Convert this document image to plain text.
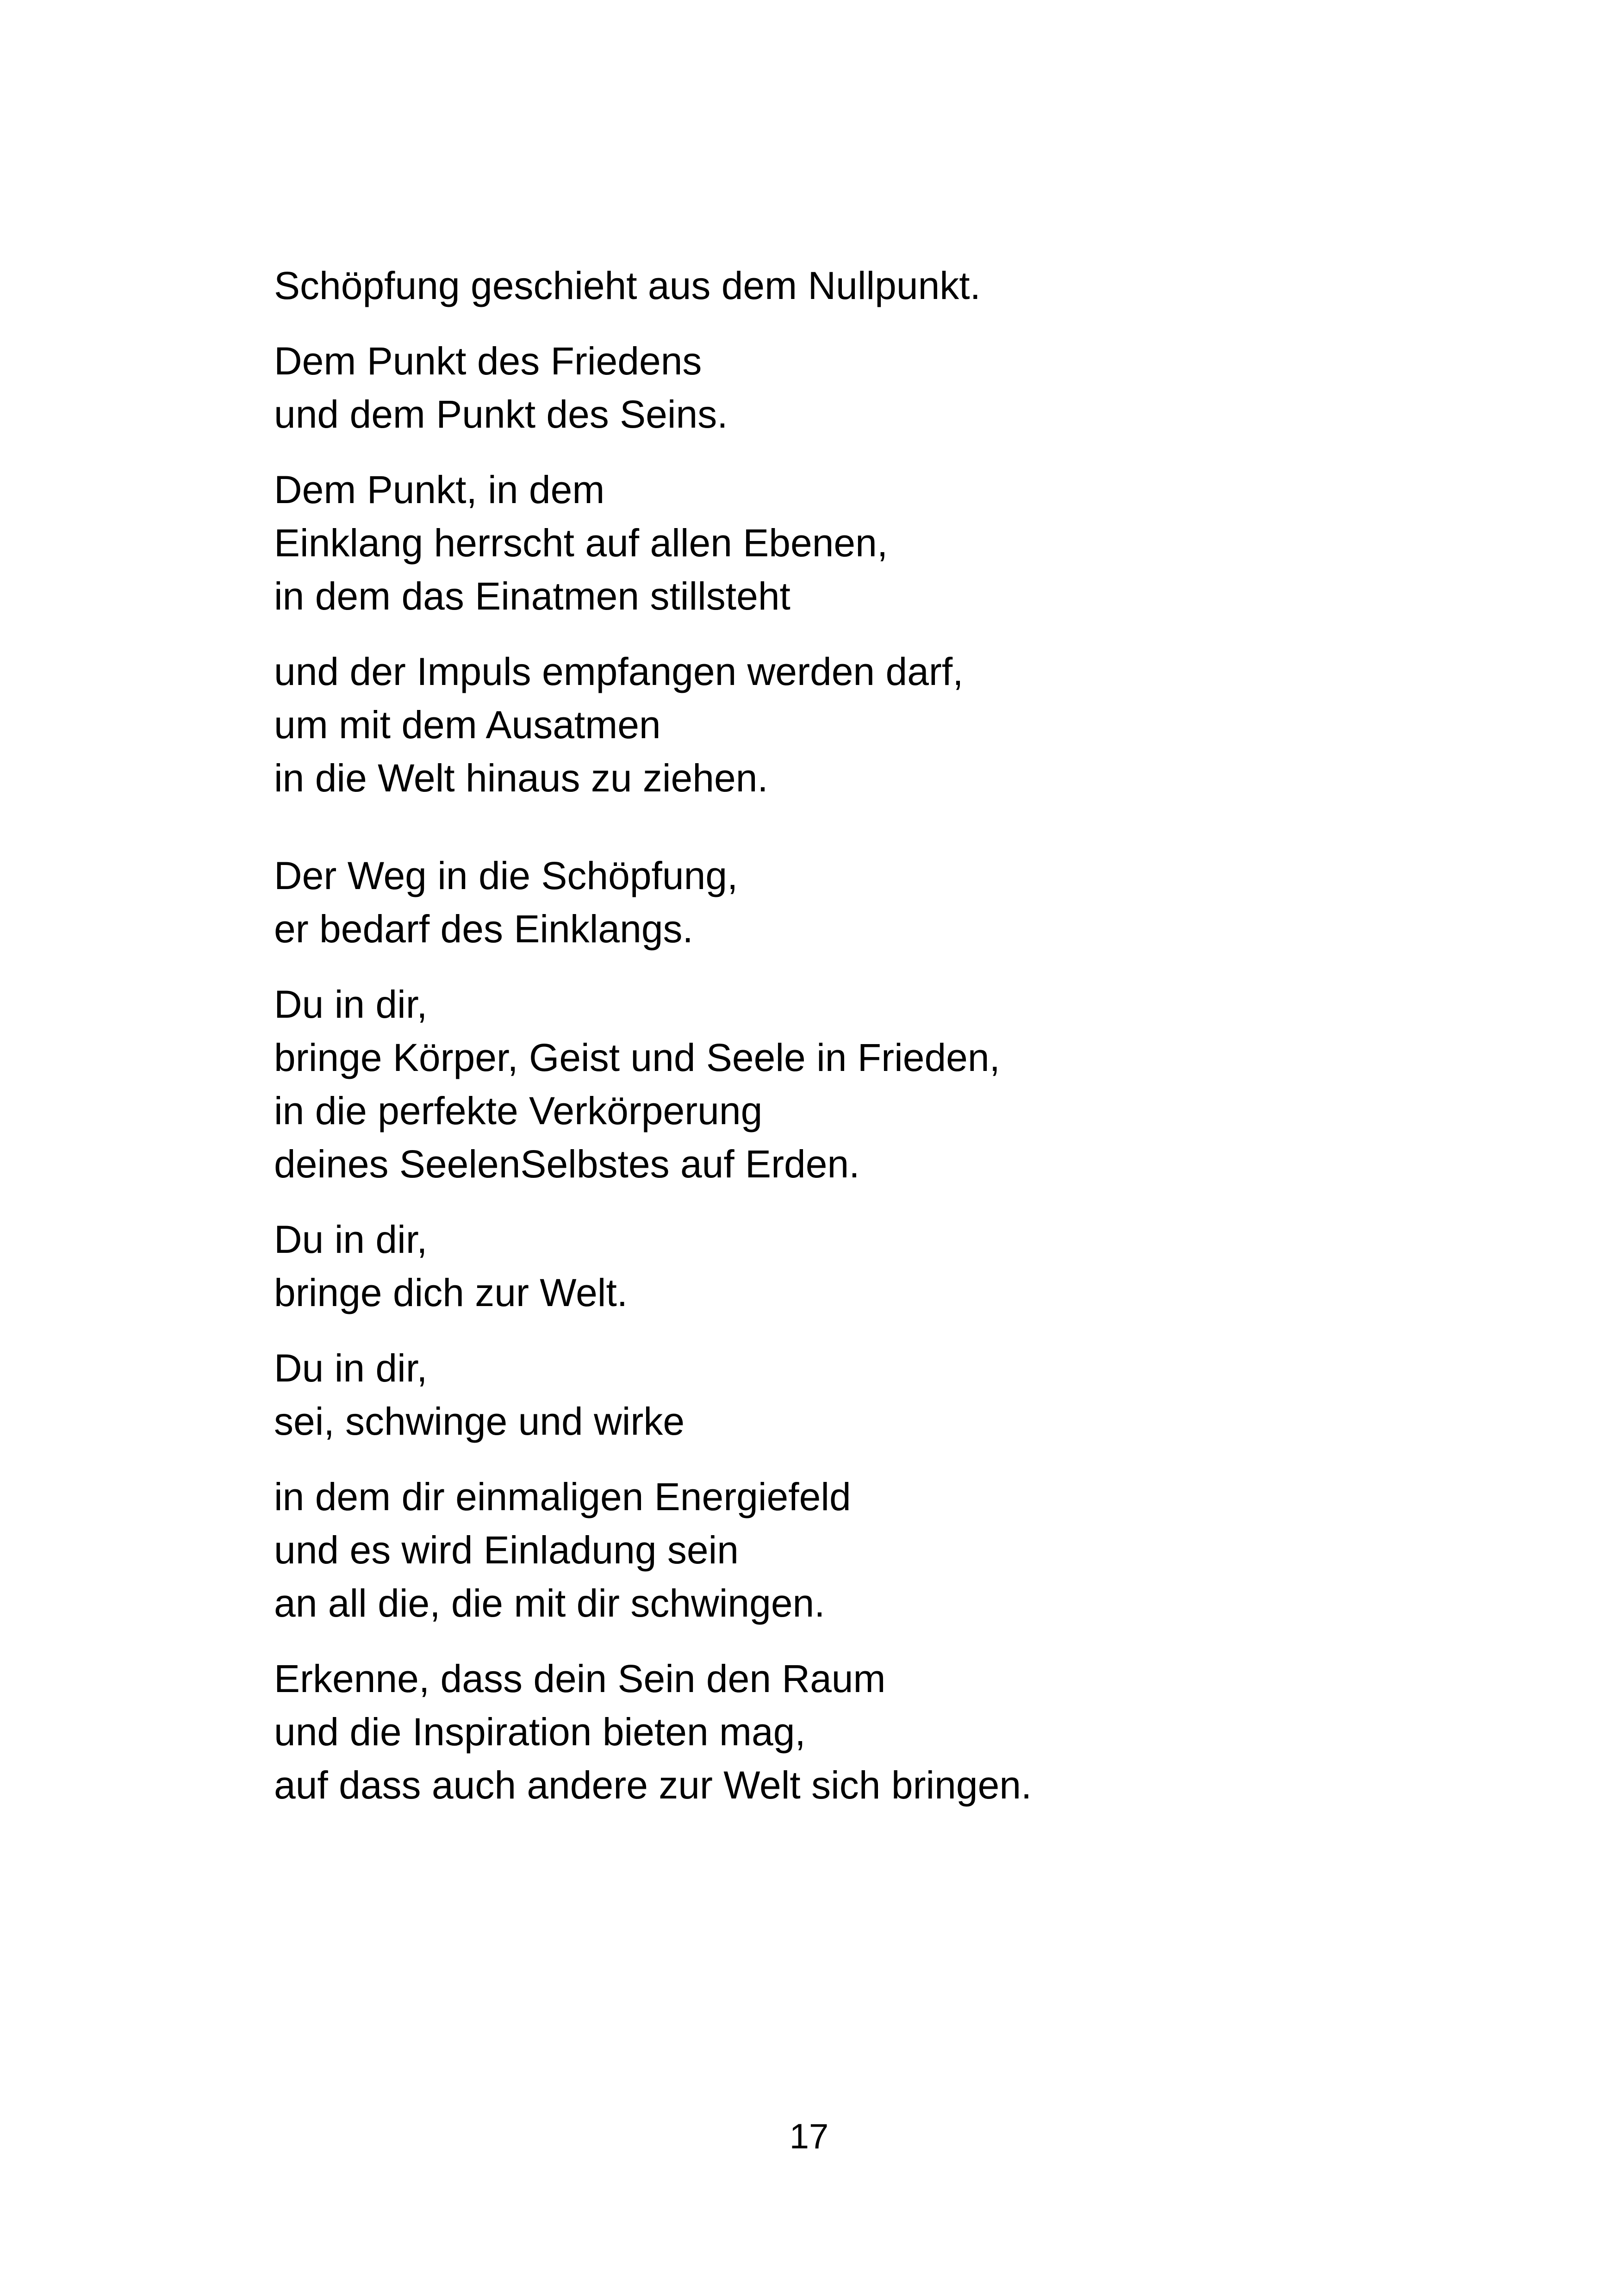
Schöpfung geschieht aus dem Nullpunkt.

Dem Punkt des Friedens
und dem Punkt des Seins.

Dem Punkt, in dem
Einklang herrscht auf allen Ebenen,
in dem das Einatmen stillsteht

und der Impuls empfangen werden darf,
um mit dem Ausatmen
in die Welt hinaus zu ziehen.

Der Weg in die Schöpfung,
er bedarf des Einklangs.

Du in dir,
bringe Körper, Geist und Seele in Frieden,
in die perfekte Verkörperung
deines SeelenSelbstes auf Erden.

Du in dir,
bringe dich zur Welt.

Du in dir,
sei, schwinge und wirke

in dem dir einmaligen Energiefeld
und es wird Einladung sein
an all die, die mit dir schwingen.

Erkenne, dass dein Sein den Raum
und die Inspiration bieten mag,
auf dass auch andere zur Welt sich bringen.

17
